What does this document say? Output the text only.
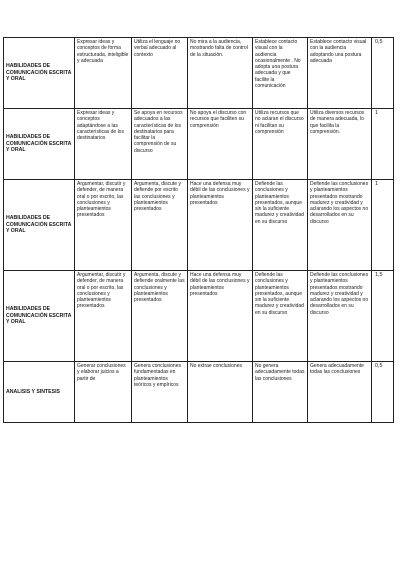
HABILIDADES DE COMUNICACIÓN ESCRITA Y ORAL	Expresar ideas y conceptos de forma estructurada, inteligible y adecuada	Utiliza el lenguaje no verbal adecuado al contexto	No mira a la audiencia, mostrando falta de control de la situación.	Establece contacto visual con la audiencia ocasionalmente . No adopta una postura adecuada y que facilite la comunicación	Establece contacto visual con la audiencia adoptando una postura adecuada	0,5
HABILIDADES DE COMUNICACIÓN ESCRITA Y ORAL	Expresar ideas y conceptos adaptándose a las características de los destinatarios	Se apoya en recursos adecuados a las características de los destinatarios para facilitar la comprensión de su discurso	No apoya el discurso con recursos que faciliten su comprensión	Utiliza recursos que no aclaran el discurso ni facilitan su comprensión	Utiliza diversos recursos de manera adecuada, lo que facilita la comprensión.	1
HABILIDADES DE COMUNICACIÓN ESCRITA Y ORAL	Argumentar, discutir y defender, de manera oral o por escrito, las conclusiones y planteamientos presentados	Argumenta, discute y defiende por escrito las conclusiones y planteamientos presentados	Hace una defensa muy débil de las conclusiones y planteamientos presentados	Defiende las conclusiones y planteamientos presentados, aunque sin la suficiente madurez y creatividad en su discurso	Defiende las conclusiones y planteamientos presentados mostrando madurez y creatividad y aclarando los aspectos no desarrollados en su discurso	1
HABILIDADES DE COMUNICACIÓN ESCRITA Y ORAL	Argumentar, discutir y defender, de manera oral o por escrito, las conclusiones y planteamientos presentados	Argumenta, discute y defiende oralmente las conclusiones y planteamientos presentados	Hace una defensa muy débil de las conclusiones y planteamientos presentados	Defiende las conclusiones y planteamientos presentados, aunque sin la suficiente madurez y creatividad en su discurso	Defiende las conclusiones y planteamientos presentados mostrando madurez y creatividad y aclarando los aspectos no desarrollados en su discurso	1,5
ANALISIS Y SINTESIS	Generar conclusiones y elaborar juicios a partir de	Genera conclusiones fundamentadas en planteamientos teóricos y empíricos	No extrae conclusiones	No genera adecuadamente todas las conclusiones	Genera adecuadamente todas las conclusiones	0,5
